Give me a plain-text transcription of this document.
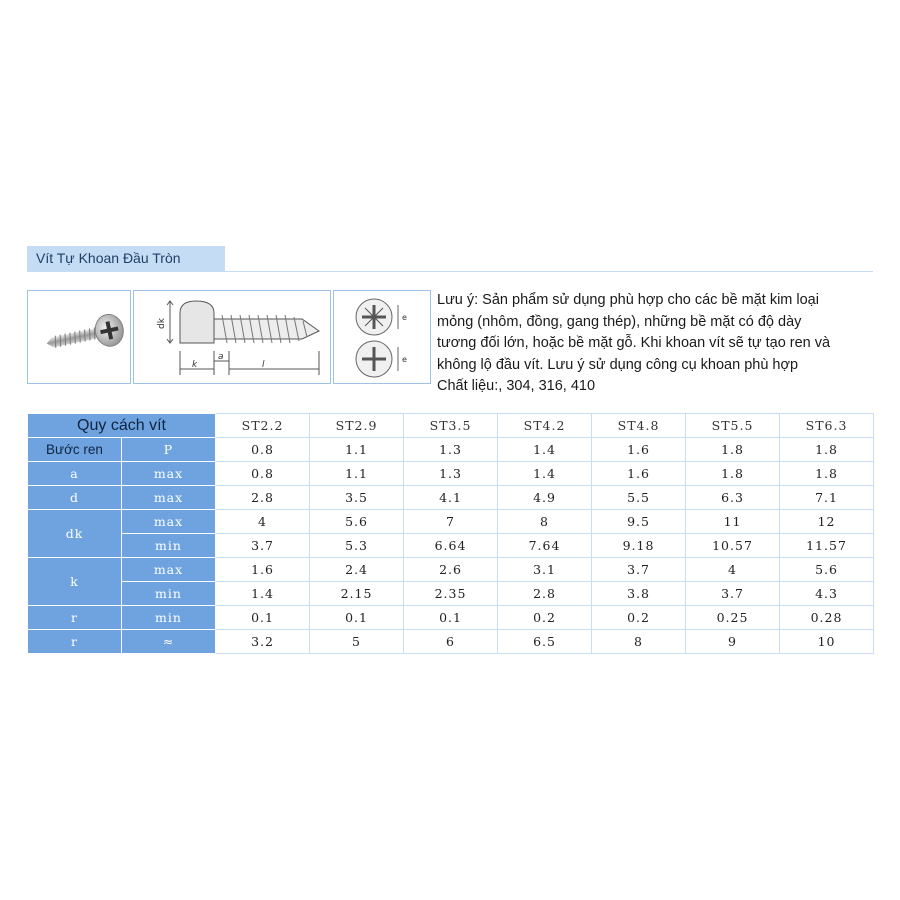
Vít Tự Khoan Đầu Tròn
dk
k
a
l
e
e
Lưu ý: Sản phẩm sử dụng phù hợp cho các bề mặt kim loại
mỏng (nhôm, đồng, gang thép), những bề mặt có độ dày
tương đối lớn, hoặc bề mặt gỗ. Khi khoan vít sẽ tự tạo ren và
không lộ đầu vít. Lưu ý sử dụng công cụ khoan phù hợp
Chất liệu:, 304, 316, 410
Quy cách vít		ST2.2	ST2.9	ST3.5	ST4.2	ST4.8	ST5.5	ST6.3
Bước ren	P	0.8	1.1	1.3	1.4	1.6	1.8	1.8
a	max	0.8	1.1	1.3	1.4	1.6	1.8	1.8
d	max	2.8	3.5	4.1	4.9	5.5	6.3	7.1
dk	max	4	5.6	7	8	9.5	11	12
	min	3.7	5.3	6.64	7.64	9.18	10.57	11.57
k	max	1.6	2.4	2.6	3.1	3.7	4	5.6
	min	1.4	2.15	2.35	2.8	3.8	3.7	4.3
r	min	0.1	0.1	0.1	0.2	0.2	0.25	0.28
r	≈	3.2	5	6	6.5	8	9	10
